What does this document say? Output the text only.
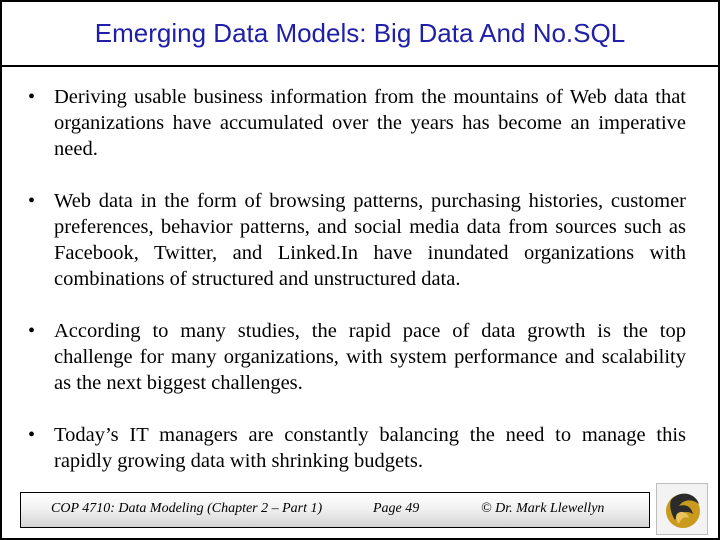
Emerging Data Models: Big Data And No.SQL
• Deriving usable business information from the mountains of Web data that organizations have accumulated over the years has become an imperative need.
• Web data in the form of browsing patterns, purchasing histories, customer preferences, behavior patterns, and social media data from sources such as Facebook, Twitter, and Linked.In have inundated organizations with combinations of structured and unstructured data.
• According to many studies, the rapid pace of data growth is the top challenge for many organizations, with system performance and scalability as the next biggest challenges.
• Today’s IT managers are constantly balancing the need to manage this rapidly growing data with shrinking budgets.
COP 4710: Data Modeling (Chapter 2 – Part 1)	Page 49	© Dr. Mark Llewellyn
